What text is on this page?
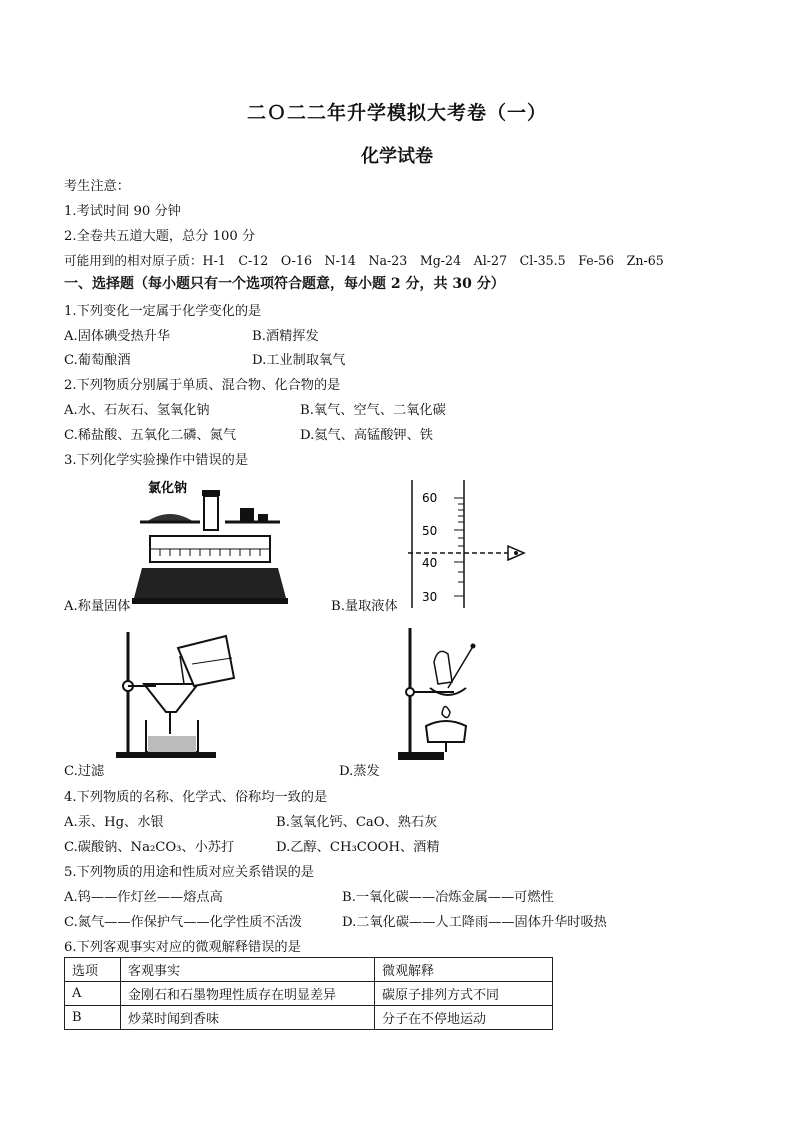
二Ｏ二二年升学模拟大考卷（一）
化学试卷
考生注意：
1.考试时间 90 分钟
2.全卷共五道大题，总分 100 分
可能用到的相对原子质：H-1　C-12　O-16　N-14　Na-23　Mg-24　Al-27　Cl-35.5　Fe-56　Zn-65
一、选择题（每小题只有一个选项符合题意，每小题 2 分，共 30 分）
1.下列变化一定属于化学变化的是
A.固体碘受热升华	B.酒精挥发
C.葡萄酿酒	D.工业制取氧气
2.下列物质分别属于单质、混合物、化合物的是
A.水、石灰石、氢氧化钠	B.氧气、空气、二氧化碳
C.稀盐酸、五氧化二磷、氮气	D.氦气、高锰酸钾、铁
3.下列化学实验操作中错误的是
氯化钠
A.称量固体
60
50
40
30
B.量取液体
C.过滤	D.蒸发
4.下列物质的名称、化学式、俗称均一致的是
A.汞、Hg、水银	B.氢氧化钙、CaO、熟石灰
C.碳酸钠、Na₂CO₃、小苏打	D.乙醇、CH₃COOH、酒精
5.下列物质的用途和性质对应关系错误的是
A.钨——作灯丝——熔点高	B.一氧化碳——冶炼金属——可燃性
C.氮气——作保护气——化学性质不活泼	D.二氧化碳——人工降雨——固体升华时吸热
6.下列客观事实对应的微观解释错误的是
选项	客观事实	微观解释
A	金刚石和石墨物理性质存在明显差异	碳原子排列方式不同
B	炒菜时闻到香味	分子在不停地运动
